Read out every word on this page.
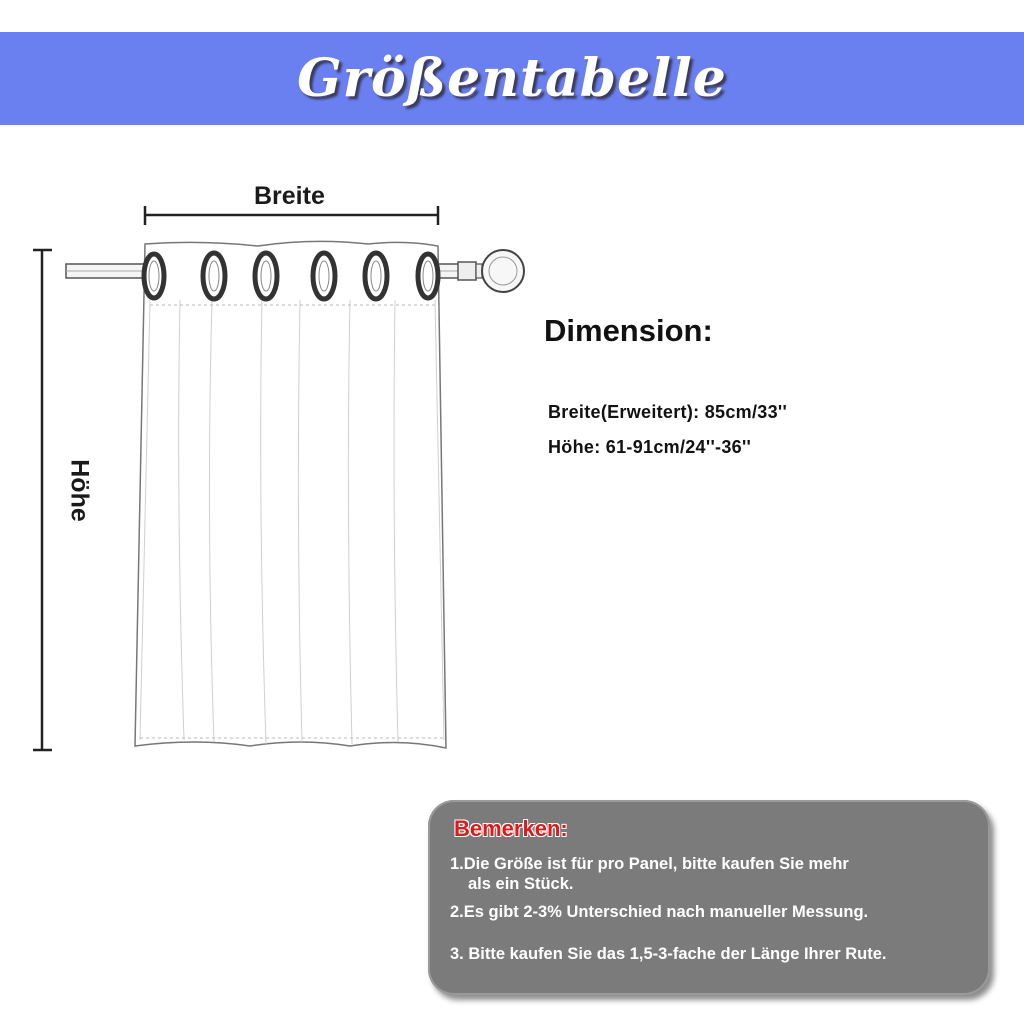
Größentabelle
Breite
Höhe
Dimension:
Breite(Erweitert): 85cm/33''
Höhe: 61-91cm/24''-36''
Bemerken:
1.Die Größe ist für pro Panel, bitte kaufen Sie mehr
als ein Stück.
2.Es gibt 2-3% Unterschied nach manueller Messung.
3. Bitte kaufen Sie das 1,5-3-fache der Länge Ihrer Rute.
